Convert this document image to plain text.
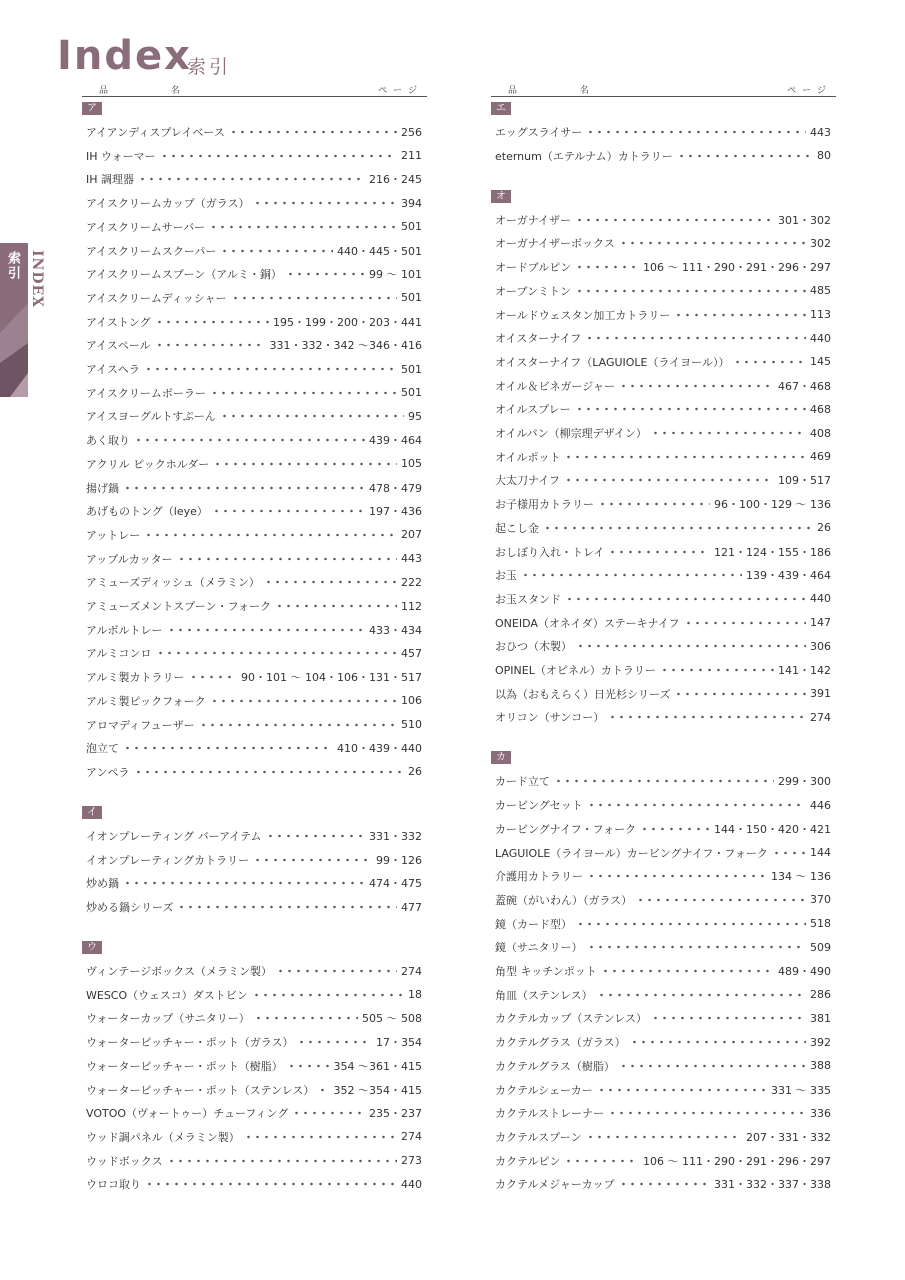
Index
索引
索引 INDEX
品 名	ページ
ア
アイアンディスプレイベース	256
IH ウォーマー	211
IH 調理器	216・245
アイスクリームカップ（ガラス）	394
アイスクリームサーバー	501
アイスクリームスクーパー	440・445・501
アイスクリームスプーン（アルミ・銅）	99 ～ 101
アイスクリームディッシャー	501
アイストング	195・199・200・203・441
アイスペール	331・332・342 ～346・416
アイスヘラ	501
アイスクリームボーラー	501
アイスヨーグルトすぷーん	95
あく取り	439・464
アクリル ピックホルダー	105
揚げ鍋	478・479
あげものトング（leye）	197・436
アットレー	207
アップルカッター	443
アミューズディッシュ（メラミン）	222
アミューズメントスプーン・フォーク	112
アルボルトレー	433・434
アルミコンロ	457
アルミ製カトラリー	90・101 ～ 104・106・131・517
アルミ製ピックフォーク	106
アロマディフューザー	510
泡立て	410・439・440
アンペラ	26
イ
イオンプレーティング バーアイテム	331・332
イオンプレーティングカトラリー	99・126
炒め鍋	474・475
炒める鍋シリーズ	477
ウ
ヴィンテージボックス（メラミン製）	274
WESCO（ウェスコ）ダストビン	18
ウォーターカップ（サニタリー）	505 ～ 508
ウォーターピッチャー・ポット（ガラス）	17・354
ウォーターピッチャー・ポット（樹脂）	354 ～361・415
ウォーターピッチャー・ポット（ステンレス） 352 ～354・415
VOTOO（ヴォートゥー）チューフィング	235・237
ウッド調パネル（メラミン製）	274
ウッドボックス	273
ウロコ取り	440
品 名	ページ
エ
エッグスライサー	443
eternum（エテルナム）カトラリー	80
オ
オーガナイザー	301・302
オーガナイザーボックス	302
オードブルピン	106 ～ 111・290・291・296・297
オーブンミトン	485
オールドウェスタン加工カトラリー	113
オイスターナイフ	440
オイスターナイフ（LAGUIOLE（ライヨール））	145
オイル＆ビネガージャー	467・468
オイルスプレー	468
オイルパン（柳宗理デザイン）	408
オイルポット	469
大太刀ナイフ	109・517
お子様用カトラリー	96・100・129 ～ 136
起こし金	26
おしぼり入れ・トレイ	121・124・155・186
お玉	139・439・464
お玉スタンド	440
ONEIDA（オネイダ）ステーキナイフ	147
おひつ（木製）	306
OPINEL（オピネル）カトラリー	141・142
以為（おもえらく）日光杉シリーズ	391
オリコン（サンコー）	274
カ
カード立て	299・300
カービングセット	446
カービングナイフ・フォーク	144・150・420・421
LAGUIOLE（ライヨール）カービングナイフ・フォーク	144
介護用カトラリー	134 ～ 136
蓋碗（がいわん）（ガラス）	370
鏡（カード型）	518
鏡（サニタリー）	509
角型 キッチンポット	489・490
角皿（ステンレス）	286
カクテルカップ（ステンレス）	381
カクテルグラス（ガラス）	392
カクテルグラス（樹脂）	388
カクテルシェーカー	331 ～ 335
カクテルストレーナー	336
カクテルスプーン	207・331・332
カクテルピン	106 ～ 111・290・291・296・297
カクテルメジャーカップ	331・332・337・338
